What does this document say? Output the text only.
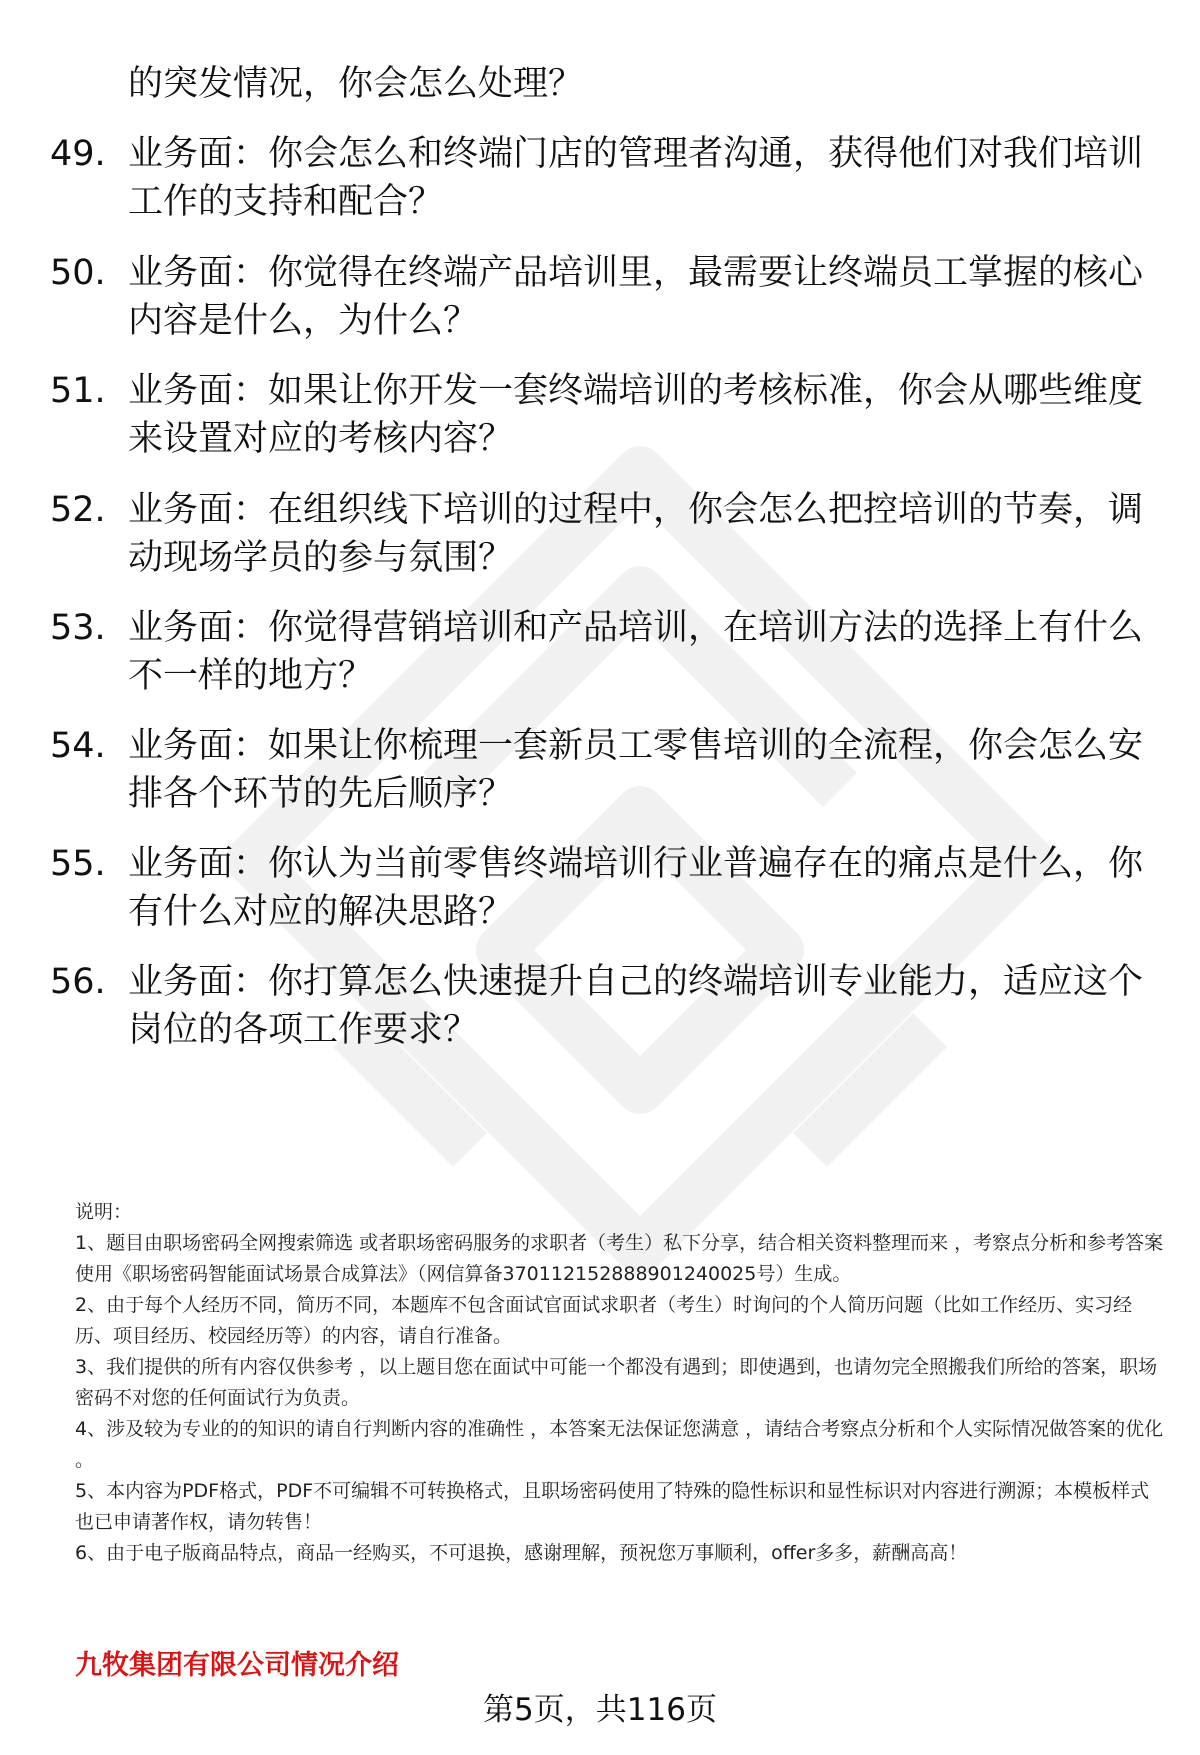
的突发情况，你会怎么处理？
49. 业务面：你会怎么和终端门店的管理者沟通，获得他们对我们培训工作的支持和配合？
50. 业务面：你觉得在终端产品培训里，最需要让终端员工掌握的核心内容是什么，为什么？
51. 业务面：如果让你开发一套终端培训的考核标准，你会从哪些维度来设置对应的考核内容？
52. 业务面：在组织线下培训的过程中，你会怎么把控培训的节奏，调动现场学员的参与氛围？
53. 业务面：你觉得营销培训和产品培训，在培训方法的选择上有什么不一样的地方？
54. 业务面：如果让你梳理一套新员工零售培训的全流程，你会怎么安排各个环节的先后顺序？
55. 业务面：你认为当前零售终端培训行业普遍存在的痛点是什么，你有什么对应的解决思路？
56. 业务面：你打算怎么快速提升自己的终端培训专业能力，适应这个岗位的各项工作要求？
说明：
1、题目由职场密码全网搜索筛选 或者职场密码服务的求职者（考生）私下分享，结合相关资料整理而来 ，考察点分析和参考答案使用《职场密码智能面试场景合成算法》（网信算备370112152888901240025号）生成。
2、由于每个人经历不同，简历不同，本题库不包含面试官面试求职者（考生）时询问的个人简历问题（比如工作经历、实习经历、项目经历、校园经历等）的内容，请自行准备。
3、我们提供的所有内容仅供参考 ，以上题目您在面试中可能一个都没有遇到；即使遇到，也请勿完全照搬我们所给的答案，职场密码不对您的任何面试行为负责。
4、涉及较为专业的的知识的请自行判断内容的准确性 ，本答案无法保证您满意 ，请结合考察点分析和个人实际情况做答案的优化 。
5、本内容为PDF格式，PDF不可编辑不可转换格式，且职场密码使用了特殊的隐性标识和显性标识对内容进行溯源；本模板样式也已申请著作权，请勿转售！
6、由于电子版商品特点，商品一经购买，不可退换，感谢理解，预祝您万事顺利，offer多多，薪酬高高！
九牧集团有限公司情况介绍
第5页，共116页
